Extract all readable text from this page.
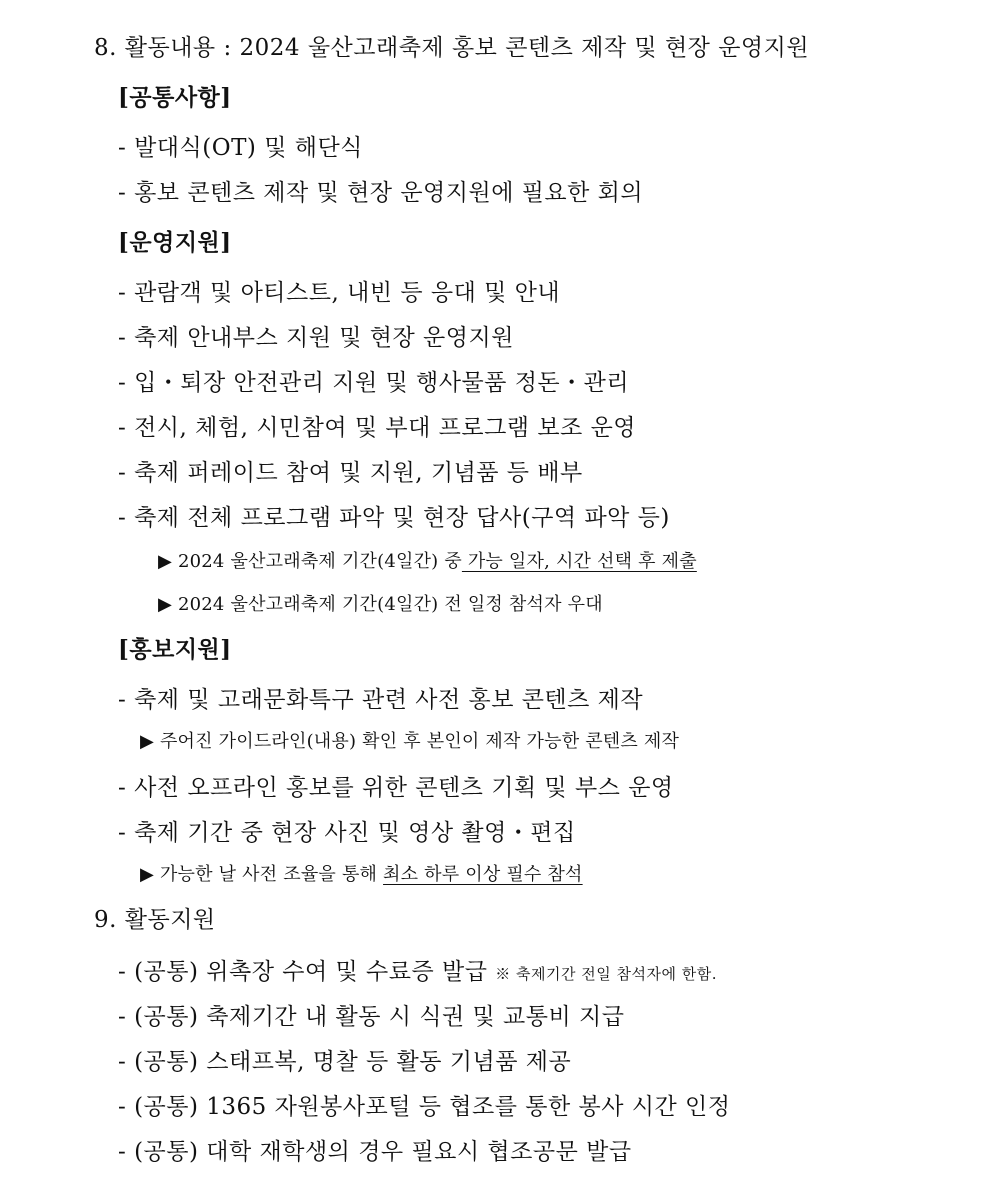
8. 활동내용 : 2024 울산고래축제 홍보 콘텐츠 제작 및 현장 운영지원
[공통사항]
- 발대식(OT) 및 해단식
- 홍보 콘텐츠 제작 및 현장 운영지원에 필요한 회의
[운영지원]
- 관람객 및 아티스트, 내빈 등 응대 및 안내
- 축제 안내부스 지원 및 현장 운영지원
- 입・퇴장 안전관리 지원 및 행사물품 정돈・관리
- 전시, 체험, 시민참여 및 부대 프로그램 보조 운영
- 축제 퍼레이드 참여 및 지원, 기념품 등 배부
- 축제 전체 프로그램 파악 및 현장 답사(구역 파악 등)
▶ 2024 울산고래축제 기간(4일간) 중 가능 일자, 시간 선택 후 제출
▶ 2024 울산고래축제 기간(4일간) 전 일정 참석자 우대
[홍보지원]
- 축제 및 고래문화특구 관련 사전 홍보 콘텐츠 제작
▶ 주어진 가이드라인(내용) 확인 후 본인이 제작 가능한 콘텐츠 제작
- 사전 오프라인 홍보를 위한 콘텐츠 기획 및 부스 운영
- 축제 기간 중 현장 사진 및 영상 촬영・편집
▶ 가능한 날 사전 조율을 통해 최소 하루 이상 필수 참석
9. 활동지원
- (공통) 위촉장 수여 및 수료증 발급 ※ 축제기간 전일 참석자에 한함.
- (공통) 축제기간 내 활동 시 식권 및 교통비 지급
- (공통) 스태프복, 명찰 등 활동 기념품 제공
- (공통) 1365 자원봉사포털 등 협조를 통한 봉사 시간 인정
- (공통) 대학 재학생의 경우 필요시 협조공문 발급
